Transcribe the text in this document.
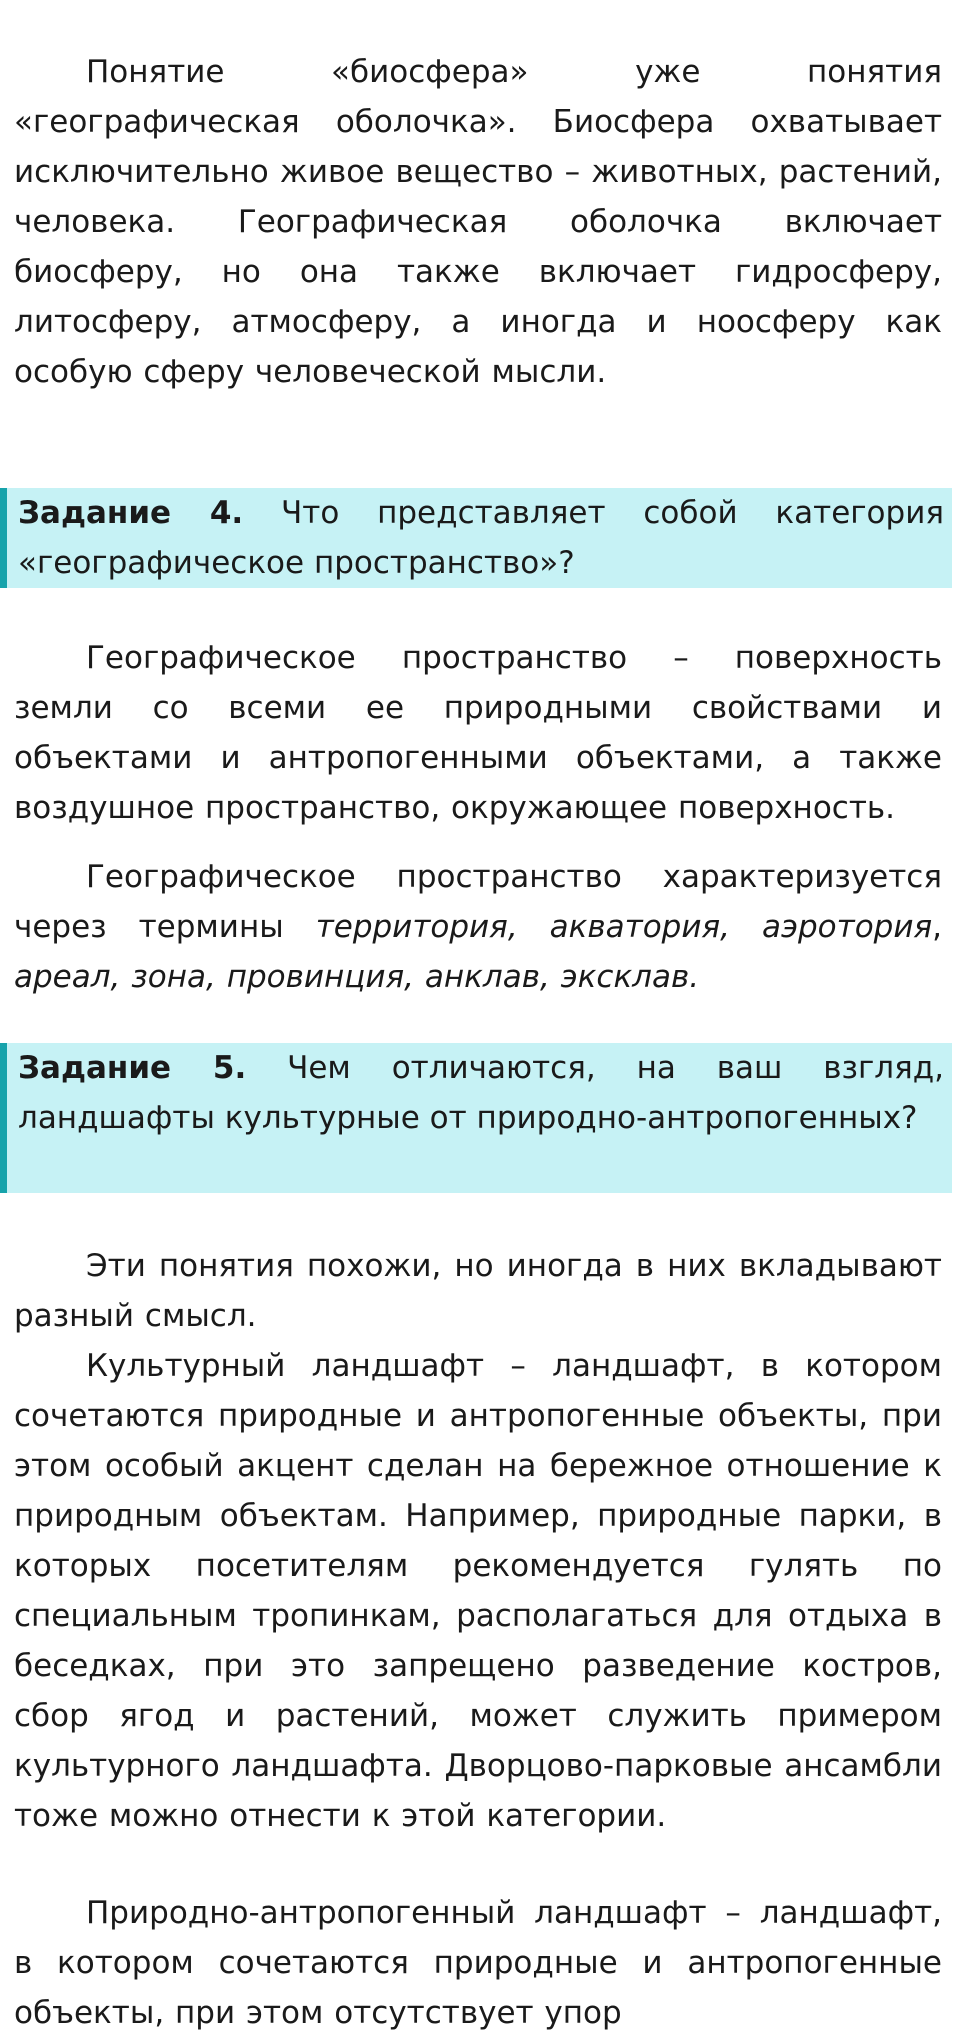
Понятие «биосфера» уже понятия «географическая оболочка». Биосфера охватывает исключительно живое вещество – животных, растений, человека. Географическая оболочка включает биосферу, но она также включает гидросферу, литосферу, атмосферу, а иногда и ноосферу как особую сферу человеческой мысли.

Задание 4. Что представляет собой категория «географическое пространство»?

Географическое пространство – поверхность земли со всеми ее природными свойствами и объектами и антропогенными объектами, а также воздушное пространство, окружающее поверхность.

Географическое пространство характеризуется через термины территория, акватория, аэротория, ареал, зона, провинция, анклав, эксклав.

Задание 5. Чем отличаются, на ваш взгляд, ландшафты культурные от природно-антропогенных?

Эти понятия похожи, но иногда в них вкладывают разный смысл.

Культурный ландшафт – ландшафт, в котором сочетаются природные и антропогенные объекты, при этом особый акцент сделан на бережное отношение к природным объектам. Например, природные парки, в которых посетителям рекомендуется гулять по специальным тропинкам, располагаться для отдыха в беседках, при это запрещено разведение костров, сбор ягод и растений, может служить примером культурного ландшафта. Дворцово-парковые ансамбли тоже можно отнести к этой категории.

Природно-антропогенный ландшафт – ландшафт, в котором сочетаются природные и антропогенные объекты, при этом отсутствует упор
